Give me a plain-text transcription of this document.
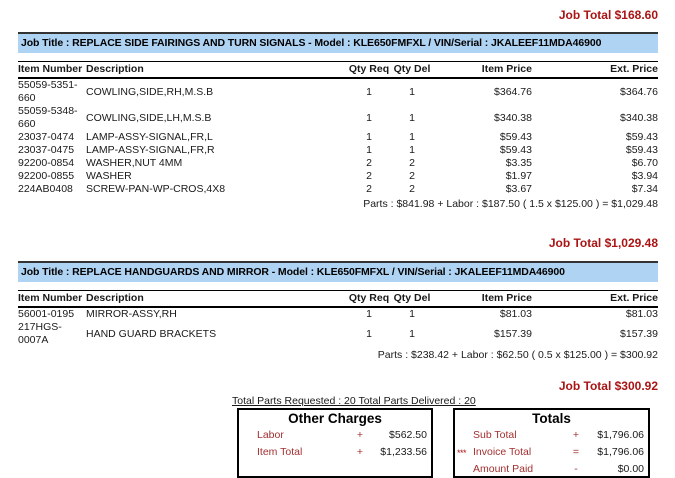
Job Total $168.60
Job Title : REPLACE SIDE FAIRINGS AND TURN SIGNALS - Model : KLE650FMFXL / VIN/Serial : JKALEEF11MDA46900
Item Number	Description	Qty Req	Qty Del	Item Price	Ext. Price
55059-5351-660	COWLING,SIDE,RH,M.S.B	1	1	$364.76	$364.76
55059-5348-660	COWLING,SIDE,LH,M.S.B	1	1	$340.38	$340.38
23037-0474	LAMP-ASSY-SIGNAL,FR,L	1	1	$59.43	$59.43
23037-0475	LAMP-ASSY-SIGNAL,FR,R	1	1	$59.43	$59.43
92200-0854	WASHER,NUT 4MM	2	2	$3.35	$6.70
92200-0855	WASHER	2	2	$1.97	$3.94
224AB0408	SCREW-PAN-WP-CROS,4X8	2	2	$3.67	$7.34
Parts : $841.98 + Labor : $187.50 ( 1.5 x $125.00 ) = $1,029.48
Job Total $1,029.48
Job Title : REPLACE HANDGUARDS AND MIRROR - Model : KLE650FMFXL / VIN/Serial : JKALEEF11MDA46900
Item Number	Description	Qty Req	Qty Del	Item Price	Ext. Price
56001-0195	MIRROR-ASSY,RH	1	1	$81.03	$81.03
217HGS-0007A	HAND GUARD BRACKETS	1	1	$157.39	$157.39
Parts : $238.42 + Labor : $62.50 ( 0.5 x $125.00 ) = $300.92
Job Total $300.92
Total Parts Requested : 20 Total Parts Delivered : 20
Other Charges
Labor	+	$562.50
Item Total	+	$1,233.56
Totals
Sub Total	+	$1,796.06
*** Invoice Total	=	$1,796.06
Amount Paid	-	$0.00
